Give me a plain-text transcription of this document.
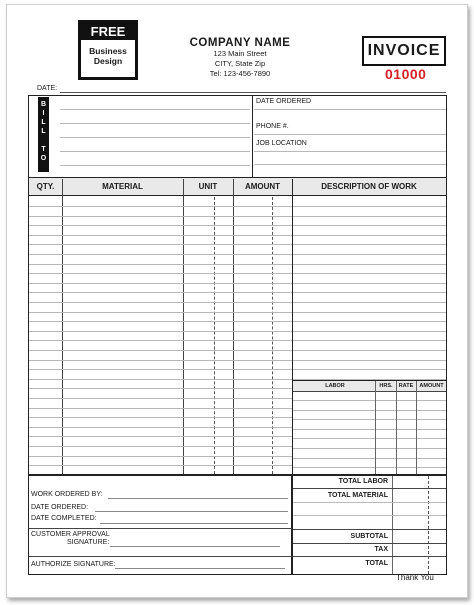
FREE
Business
Design
COMPANY NAME
123 Main Street
CITY, State Zip
Tel: 123-456-7890
INVOICE
01000
DATE:
B
I
L
L
T
O
DATE ORDERED
PHONE #.
JOB LOCATION
QTY.	MATERIAL	UNIT	AMOUNT	DESCRIPTION OF WORK
LABOR	HRS.	RATE	AMOUNT
WORK ORDERED BY:
DATE ORDERED:
DATE COMPLETED:
CUSTOMER APPROVAL
SIGNATURE:
AUTHORIZE SIGNATURE:
TOTAL LABOR
TOTAL MATERIAL
SUBTOTAL
TAX
TOTAL
Thank You
